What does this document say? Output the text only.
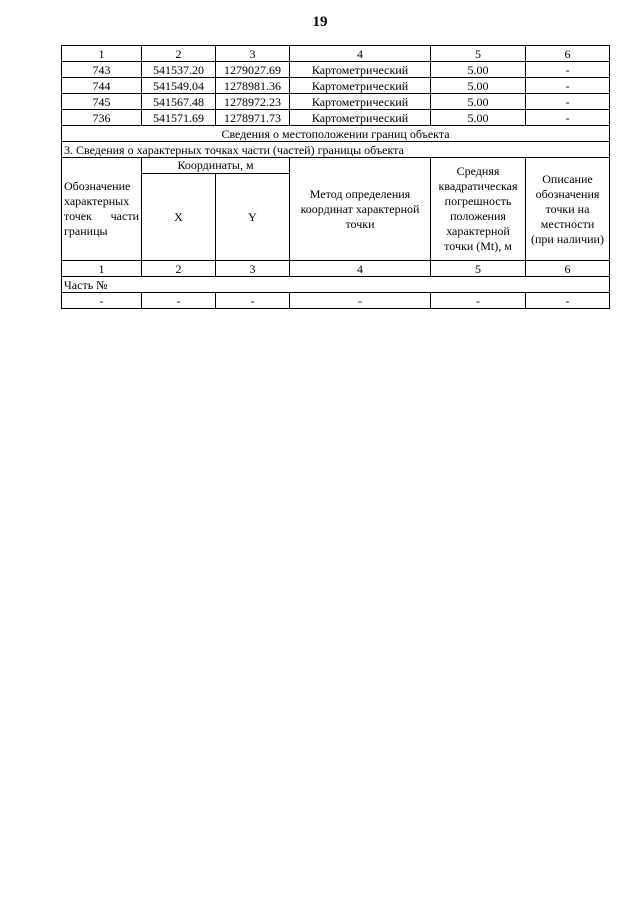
19
1	2	3	4	5	6
743	541537.20	1279027.69	Картометрический	5.00	-
744	541549.04	1278981.36	Картометрический	5.00	-
745	541567.48	1278972.23	Картометрический	5.00	-
736	541571.69	1278971.73	Картометрический	5.00	-
Сведения о местоположении границ объекта					
3. Сведения о характерных точках части (частей) границы объекта					
Обозначение характерных точек части границы	Координаты, м		Метод определения координат характерной точки	Средняя квадратическая погрешность положения характерной точки (Mt), м	Описание обозначения точки на местности (при наличии)
	X	Y			
1	2	3	4	5	6
Часть №					
-	-	-	-	-	-
